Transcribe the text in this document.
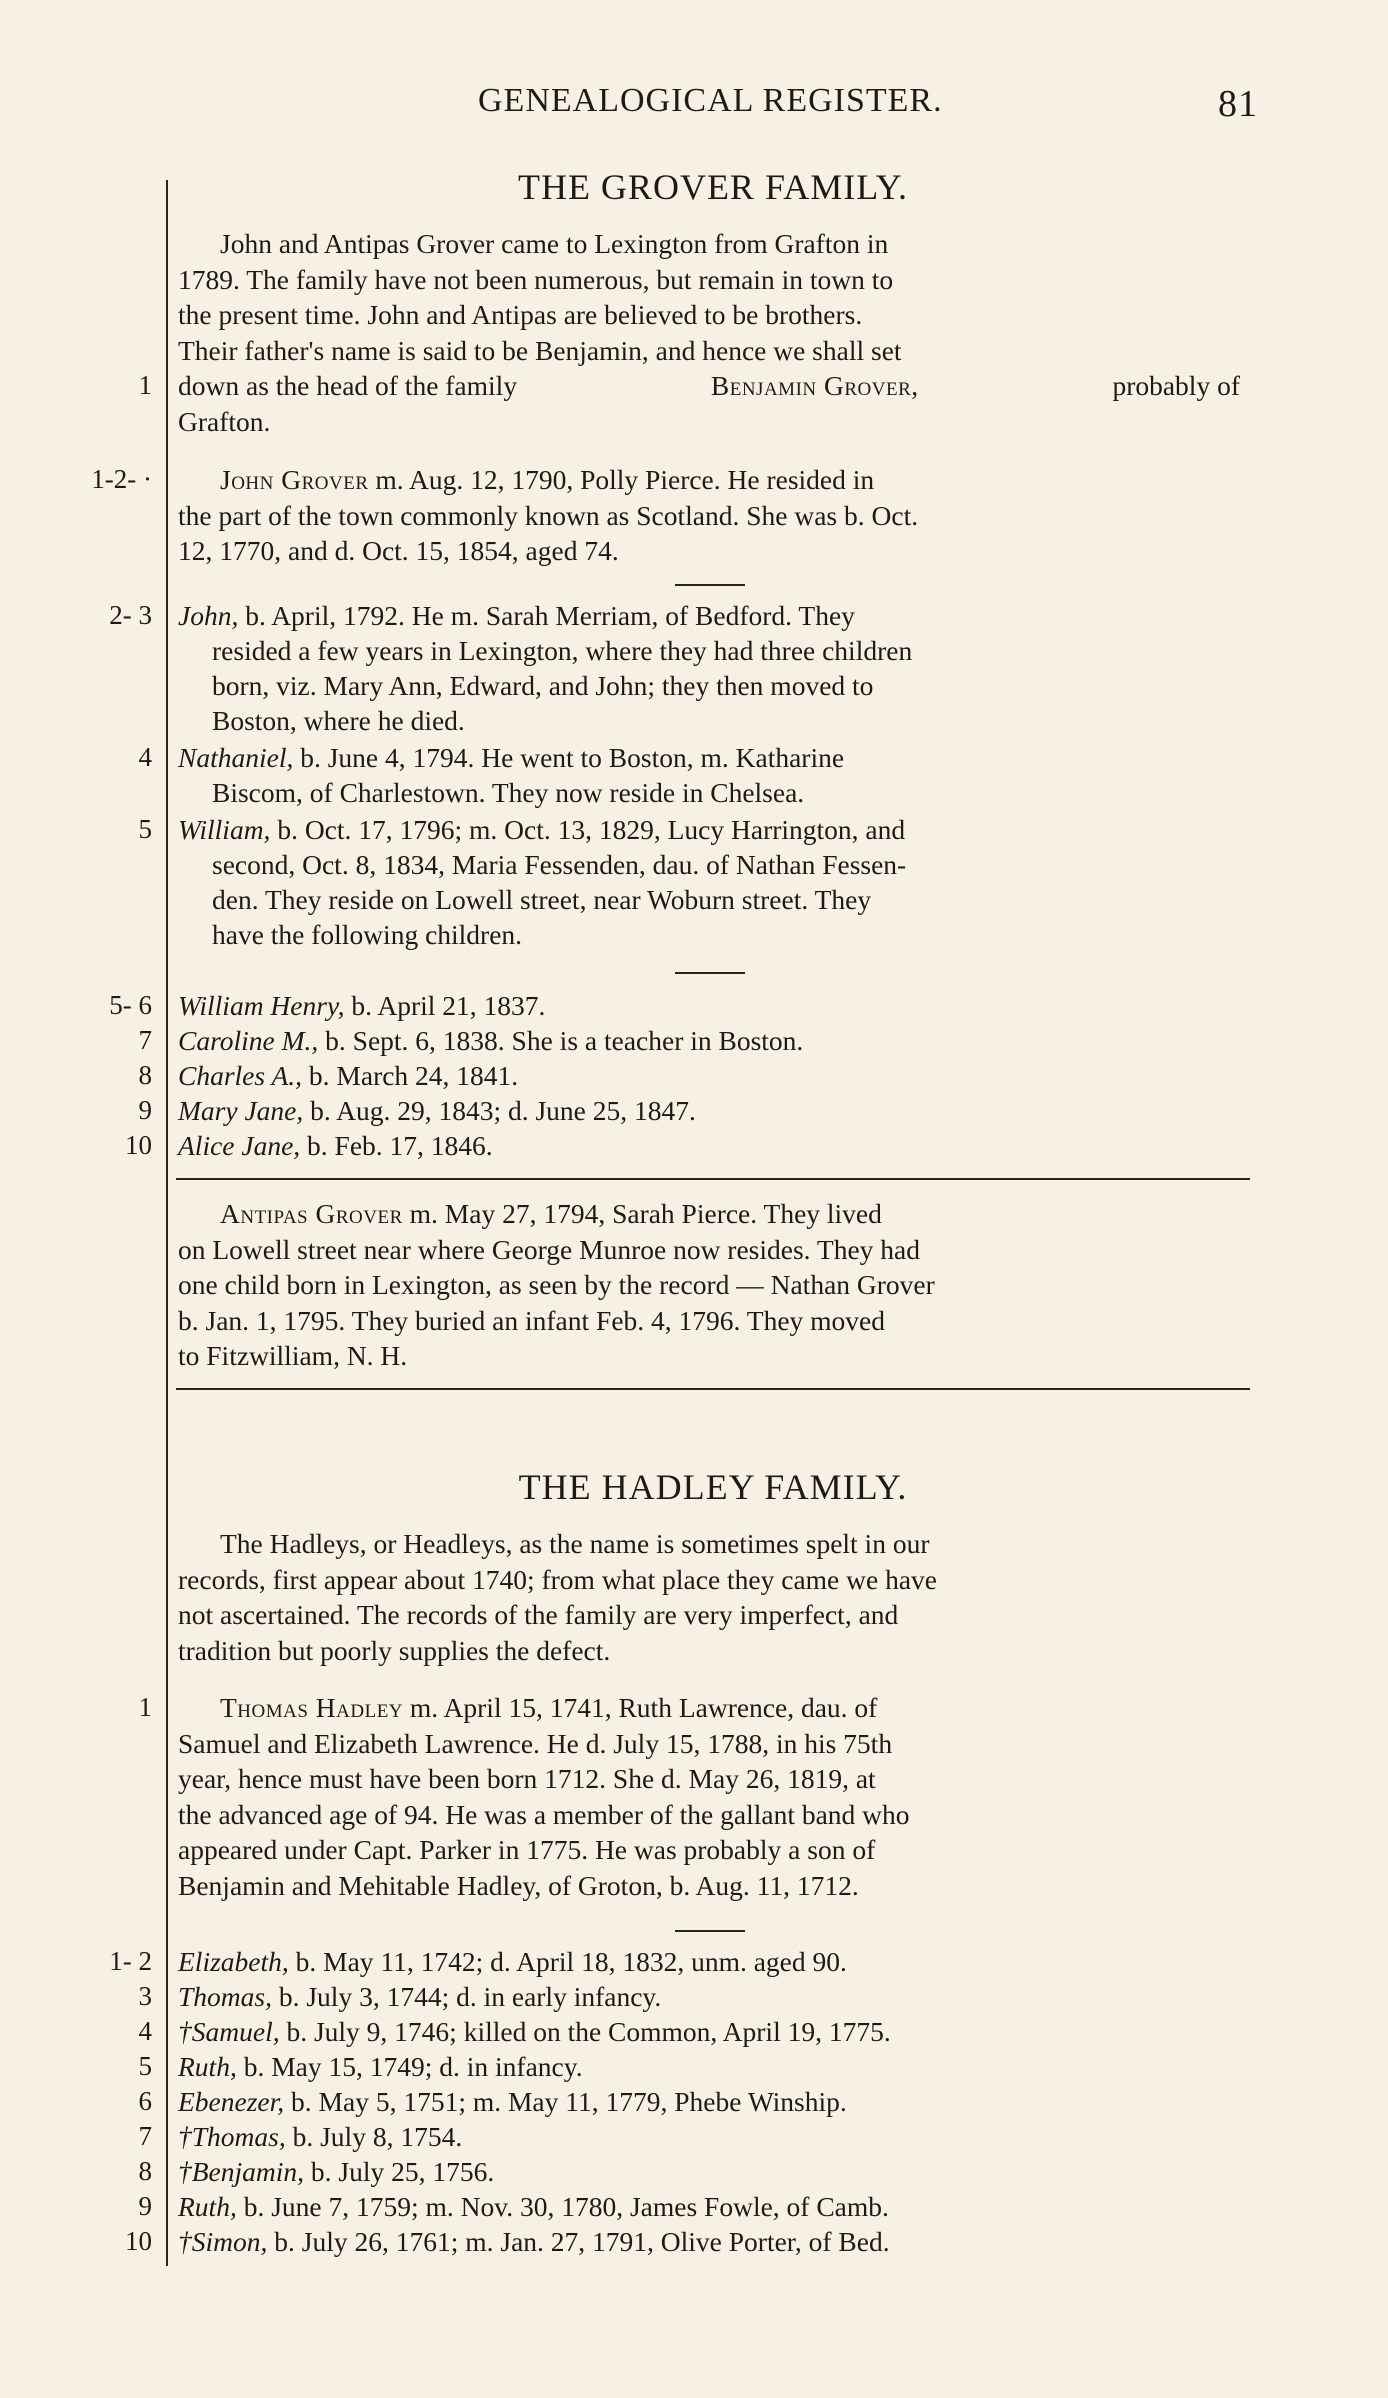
GENEALOGICAL REGISTER.	81
THE GROVER FAMILY.
John and Antipas Grover came to Lexington from Grafton in
1789. The family have not been numerous, but remain in town to
the present time. John and Antipas are believed to be brothers.
Their father's name is said to be Benjamin, and hence we shall set
down as the head of the family	Benjamin Grover,	probably of
Grafton.
1
1-2- ·	John Grover m. Aug. 12, 1790, Polly Pierce. He resided in
the part of the town commonly known as Scotland. She was b. Oct.
12, 1770, and d. Oct. 15, 1854, aged 74.
2- 3 John, b. April, 1792. He m. Sarah Merriam, of Bedford. They
resided a few years in Lexington, where they had three children
born, viz. Mary Ann, Edward, and John; they then moved to
Boston, where he died.
4 Nathaniel, b. June 4, 1794. He went to Boston, m. Katharine
Biscom, of Charlestown. They now reside in Chelsea.
5 William, b. Oct. 17, 1796; m. Oct. 13, 1829, Lucy Harrington, and
second, Oct. 8, 1834, Maria Fessenden, dau. of Nathan Fessen-
den. They reside on Lowell street, near Woburn street. They
have the following children.
5- 6 William Henry, b. April 21, 1837.
7 Caroline M., b. Sept. 6, 1838. She is a teacher in Boston.
8 Charles A., b. March 24, 1841.
9 Mary Jane, b. Aug. 29, 1843; d. June 25, 1847.
10 Alice Jane, b. Feb. 17, 1846.
Antipas Grover m. May 27, 1794, Sarah Pierce. They lived
on Lowell street near where George Munroe now resides. They had
one child born in Lexington, as seen by the record — Nathan Grover
b. Jan. 1, 1795. They buried an infant Feb. 4, 1796. They moved
to Fitzwilliam, N. H.
THE HADLEY FAMILY.
The Hadleys, or Headleys, as the name is sometimes spelt in our
records, first appear about 1740; from what place they came we have
not ascertained. The records of the family are very imperfect, and
tradition but poorly supplies the defect.
1	Thomas Hadley m. April 15, 1741, Ruth Lawrence, dau. of
Samuel and Elizabeth Lawrence. He d. July 15, 1788, in his 75th
year, hence must have been born 1712. She d. May 26, 1819, at
the advanced age of 94. He was a member of the gallant band who
appeared under Capt. Parker in 1775. He was probably a son of
Benjamin and Mehitable Hadley, of Groton, b. Aug. 11, 1712.
1- 2 Elizabeth, b. May 11, 1742; d. April 18, 1832, unm. aged 90.
3 Thomas, b. July 3, 1744; d. in early infancy.
4 †Samuel, b. July 9, 1746; killed on the Common, April 19, 1775.
5 Ruth, b. May 15, 1749; d. in infancy.
6 Ebenezer, b. May 5, 1751; m. May 11, 1779, Phebe Winship.
7 †Thomas, b. July 8, 1754.
8 †Benjamin, b. July 25, 1756.
9 Ruth, b. June 7, 1759; m. Nov. 30, 1780, James Fowle, of Camb.
10 †Simon, b. July 26, 1761; m. Jan. 27, 1791, Olive Porter, of Bed.
